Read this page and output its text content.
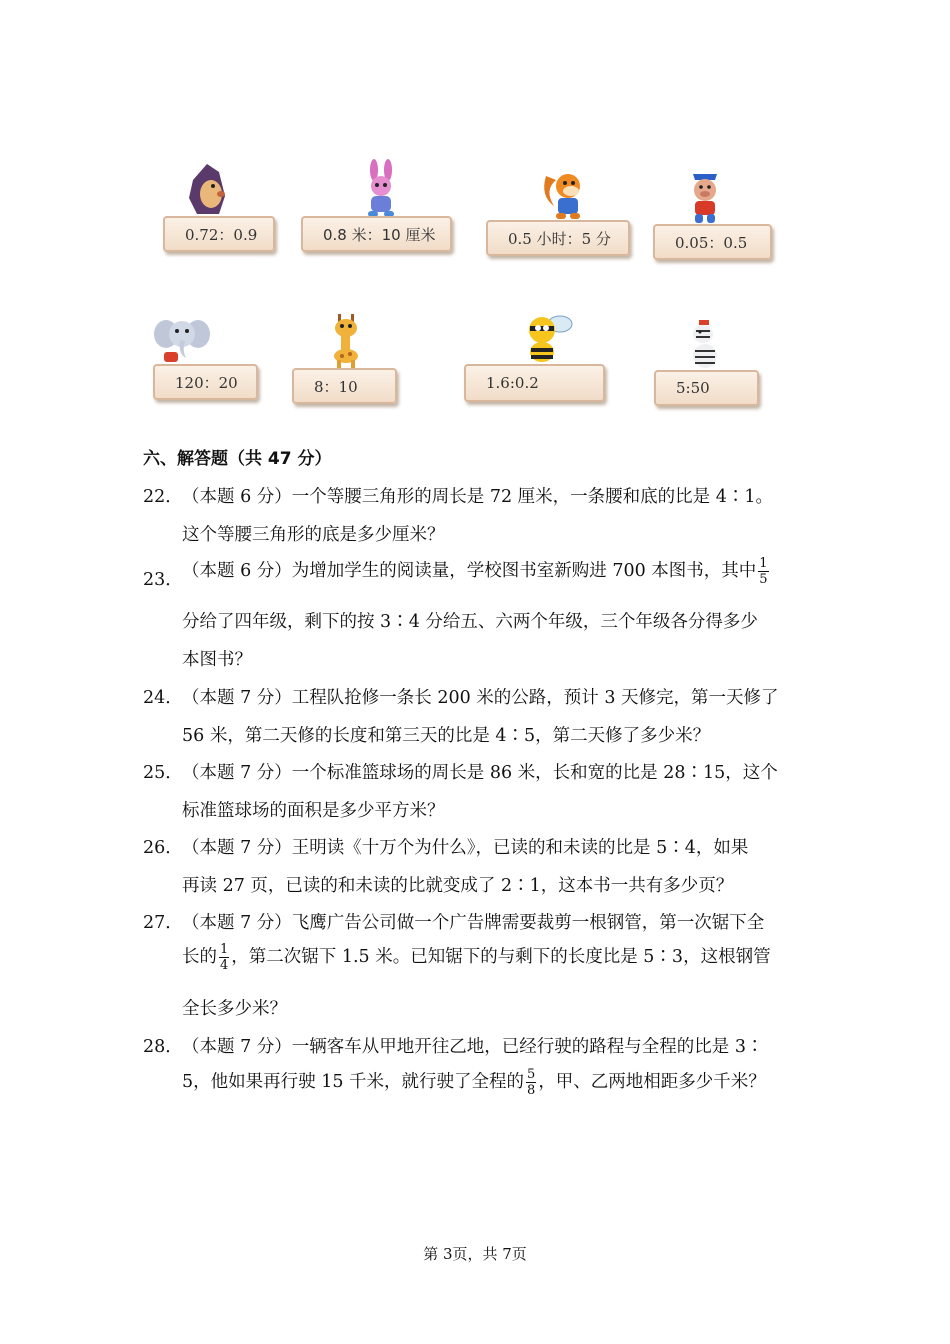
0.72：0.9	0.8 米：10 厘米	0.5 小时：5 分	0.05：0.5
120：20	8：10	1.6:0.2	5:50
六、解答题（共 47 分）
22． （本题 6 分）一个等腰三角形的周长是 72 厘米，一条腰和底的比是 4∶1。
这个等腰三角形的底是多少厘米？
23． （本题 6 分）为增加学生的阅读量，学校图书室新购进 700 本图书，其中 $\frac{1}{5}$
分给了四年级，剩下的按 3∶4 分给五、六两个年级，三个年级各分得多少
本图书？
24． （本题 7 分）工程队抢修一条长 200 米的公路，预计 3 天修完，第一天修了
56 米，第二天修的长度和第三天的比是 4∶5，第二天修了多少米？
25． （本题 7 分）一个标准篮球场的周长是 86 米，长和宽的比是 28∶15，这个
标准篮球场的面积是多少平方米？
26． （本题 7 分）王明读《十万个为什么》，已读的和未读的比是 5∶4，如果
再读 27 页，已读的和未读的比就变成了 2∶1，这本书一共有多少页？
27． （本题 7 分）飞鹰广告公司做一个广告牌需要裁剪一根钢管，第一次锯下全
长的 $\frac{1}{4}$ ，第二次锯下 1.5 米。已知锯下的与剩下的长度比是 5∶3，这根钢管
全长多少米？
28． （本题 7 分）一辆客车从甲地开往乙地，已经行驶的路程与全程的比是 3∶
5，他如果再行驶 15 千米，就行驶了全程的 $\frac{5}{8}$ ，甲、乙两地相距多少千米？
第 3页，共 7页
